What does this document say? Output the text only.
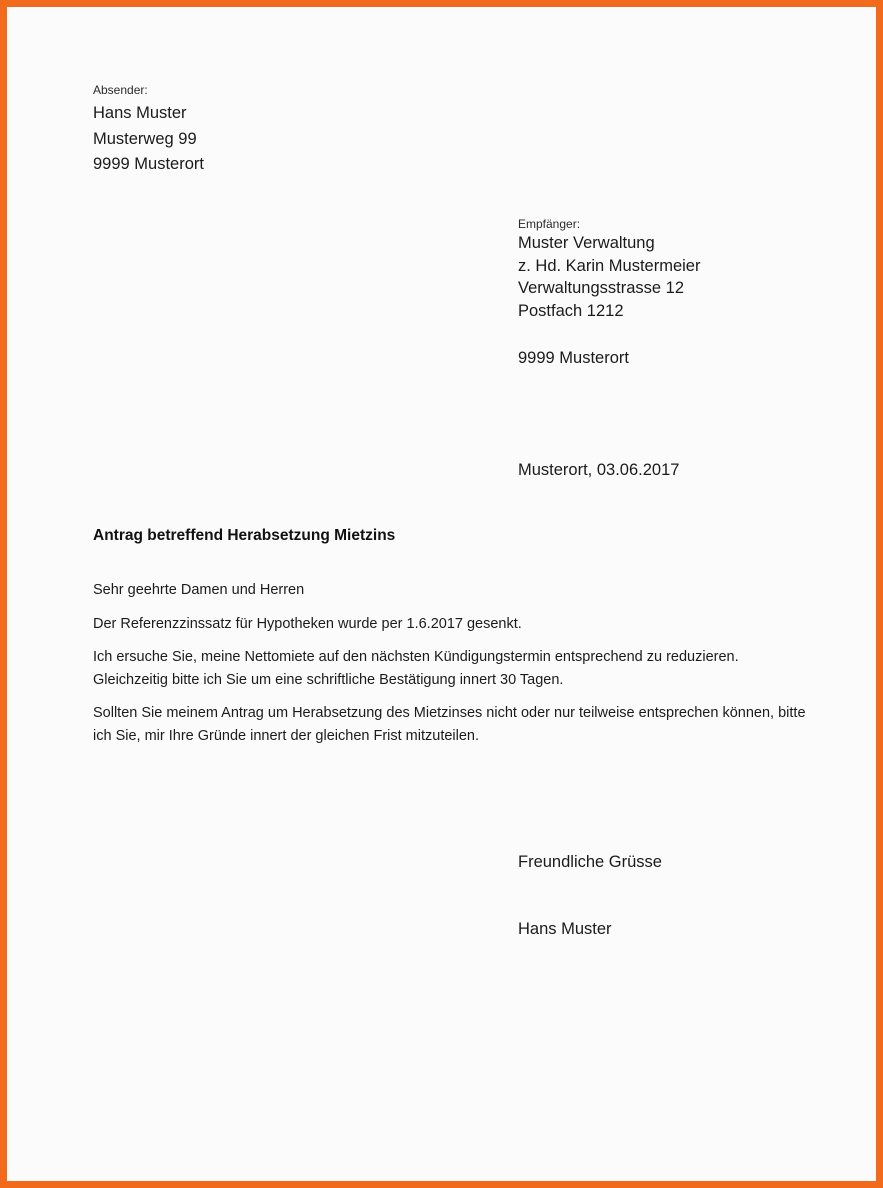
Absender:
Hans Muster
Musterweg 99
9999 Musterort
Empfänger:
Muster Verwaltung
z. Hd. Karin Mustermeier
Verwaltungsstrasse 12
Postfach 1212
9999 Musterort
Musterort, 03.06.2017
Antrag betreffend Herabsetzung Mietzins
Sehr geehrte Damen und Herren
Der Referenzzinssatz für Hypotheken wurde per 1.6.2017 gesenkt.
Ich ersuche Sie, meine Nettomiete auf den nächsten Kündigungstermin entsprechend zu reduzieren.
Gleichzeitig bitte ich Sie um eine schriftliche Bestätigung innert 30 Tagen.
Sollten Sie meinem Antrag um Herabsetzung des Mietzinses nicht oder nur teilweise entsprechen können, bitte
ich Sie, mir Ihre Gründe innert der gleichen Frist mitzuteilen.
Freundliche Grüsse
Hans Muster
